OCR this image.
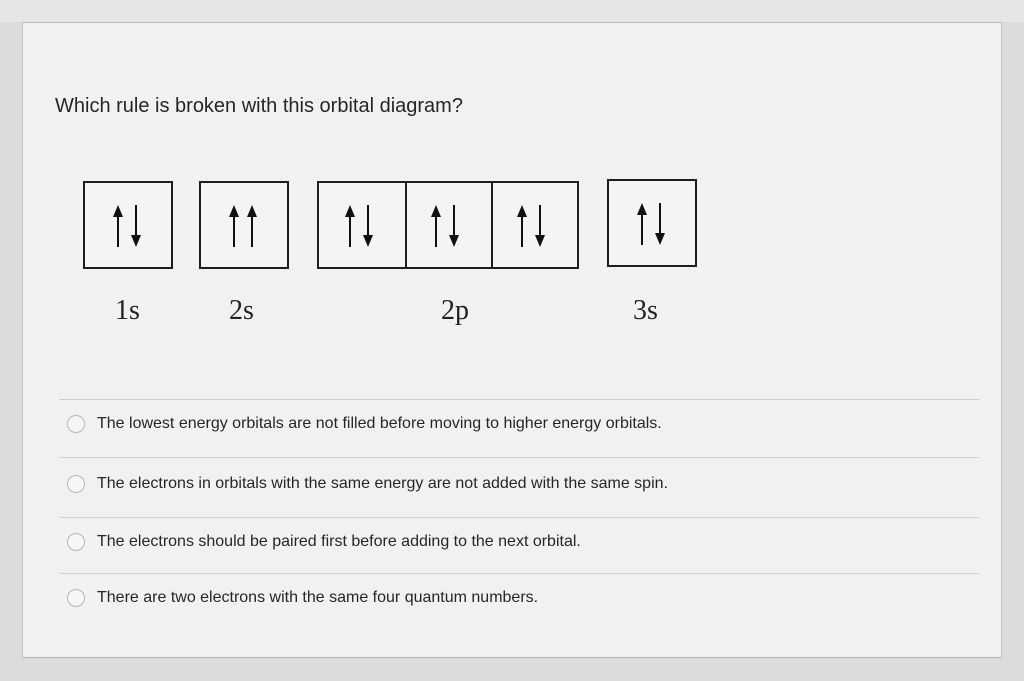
Which rule is broken with this orbital diagram?
1s	2s	2p	3s
The lowest energy orbitals are not filled before moving to higher energy orbitals.
The electrons in orbitals with the same energy are not added with the same spin.
The electrons should be paired first before adding to the next orbital.
There are two electrons with the same four quantum numbers.
